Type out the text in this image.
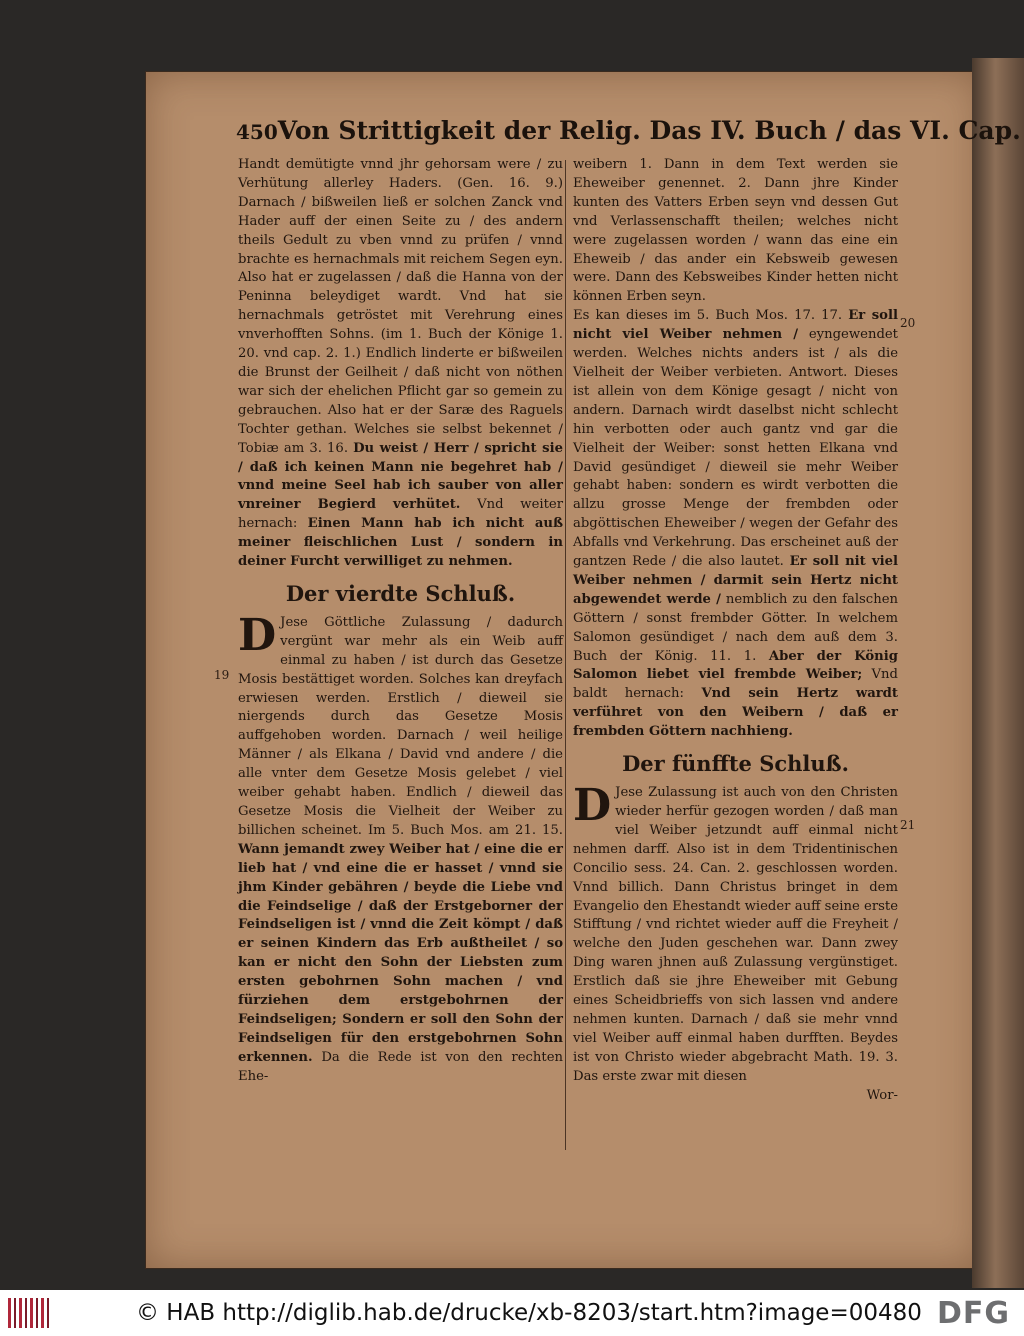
450 Von Strittigkeit der Relig. Das IV. Buch / das VI. Cap.

Handt demütigte vnnd jhr gehorsam were / zu Verhütung allerley Haders. (Gen. 16. 9.) Darnach / bißweilen ließ er solchen Zanck vnd Hader auff der einen Seite zu / des andern theils Gedult zu vben vnnd zu prüfen / vnnd brachte es hernachmals mit reichem Segen eyn. Also hat er zugelassen / daß die Hanna von der Peninna beleydiget wardt. Vnd hat sie hernachmals getröstet mit Verehrung eines vnverhofften Sohns. (im 1. Buch der Könige 1. 20. vnd cap. 2. 1.) Endlich linderte er bißweilen die Brunst der Geilheit / daß nicht von nöthen war sich der ehelichen Pflicht gar so gemein zu gebrauchen. Also hat er der Saræ des Raguels Tochter gethan. Welches sie selbst bekennet / Tobiæ am 3. 16. Du weist / Herr / spricht sie / daß ich keinen Mann nie begehret hab / vnnd meine Seel hab ich sauber von aller vnreiner Begierd verhütet. Vnd weiter hernach: Einen Mann hab ich nicht auß meiner fleischlichen Lust / sondern in deiner Furcht verwilliget zu nehmen.

Der vierdte Schluß.

D Jese Göttliche Zulassung / dadurch vergünt war mehr als ein Weib auff einmal zu haben / ist durch das Gesetze Mosis bestättiget worden. Solches kan dreyfach erwiesen werden. Erstlich / dieweil sie niergends durch das Gesetze Mosis auffgehoben worden. Darnach / weil heilige Männer / als Elkana / David vnd andere / die alle vnter dem Gesetze Mosis gelebet / viel weiber gehabt haben. Endlich / dieweil das Gesetze Mosis die Vielheit der Weiber zu billichen scheinet. Im 5. Buch Mos. am 21. 15. Wann jemandt zwey Weiber hat / eine die er lieb hat / vnd eine die er hasset / vnnd sie jhm Kinder gebähren / beyde die Liebe vnd die Feindselige / daß der Erstgeborner der Feindseligen ist / vnnd die Zeit kömpt / daß er seinen Kindern das Erb außtheilet / so kan er nicht den Sohn der Liebsten zum ersten gebohrnen Sohn machen / vnd fürziehen dem erstgebohrnen der Feindseligen; Sondern er soll den Sohn der Feindseligen für den erstgebohrnen Sohn erkennen. Da die Rede ist von den rechten Ehe-

19

weibern 1. Dann in dem Text werden sie Eheweiber genennet. 2. Dann jhre Kinder kunten des Vatters Erben seyn vnd dessen Gut vnd Verlassenschafft theilen; welches nicht were zugelassen worden / wann das eine ein Eheweib / das ander ein Kebsweib gewesen were. Dann des Kebsweibes Kinder hetten nicht können Erben seyn.

Es kan dieses im 5. Buch Mos. 17. 17. Er soll nicht viel Weiber nehmen / eyngewendet werden. Welches nichts anders ist / als die Vielheit der Weiber verbieten. Antwort. Dieses ist allein von dem Könige gesagt / nicht von andern. Darnach wirdt daselbst nicht schlecht hin verbotten oder auch gantz vnd gar die Vielheit der Weiber: sonst hetten Elkana vnd David gesündiget / dieweil sie mehr Weiber gehabt haben: sondern es wirdt verbotten die allzu grosse Menge der frembden oder abgöttischen Eheweiber / wegen der Gefahr des Abfalls vnd Verkehrung. Das erscheinet auß der gantzen Rede / die also lautet. Er soll nit viel Weiber nehmen / darmit sein Hertz nicht abgewendet werde / nemblich zu den falschen Göttern / sonst frembder Götter. In welchem Salomon gesündiget / nach dem auß dem 3. Buch der König. 11. 1. Aber der König Salomon liebet viel frembde Weiber; Vnd baldt hernach: Vnd sein Hertz wardt verführet von den Weibern / daß er frembden Göttern nachhieng.

Der fünffte Schluß.

D Jese Zulassung ist auch von den Christen wieder herfür gezogen worden / daß man viel Weiber jetzundt auff einmal nicht nehmen darff. Also ist in dem Tridentinischen Concilio sess. 24. Can. 2. geschlossen worden. Vnnd billich. Dann Christus bringet in dem Evangelio den Ehestandt wieder auff seine erste Stifftung / vnd richtet wieder auff die Freyheit / welche den Juden geschehen war. Dann zwey Ding waren jhnen auß Zulassung vergünstiget. Erstlich daß sie jhre Eheweiber mit Gebung eines Scheidbrieffs von sich lassen vnd andere nehmen kunten. Darnach / daß sie mehr vnnd viel Weiber auff einmal haben durfften. Beydes ist von Christo wieder abgebracht Math. 19. 3. Das erste zwar mit diesen

Wor-

20
21
© HAB http://diglib.hab.de/drucke/xb-8203/start.htm?image=00480 DFG
